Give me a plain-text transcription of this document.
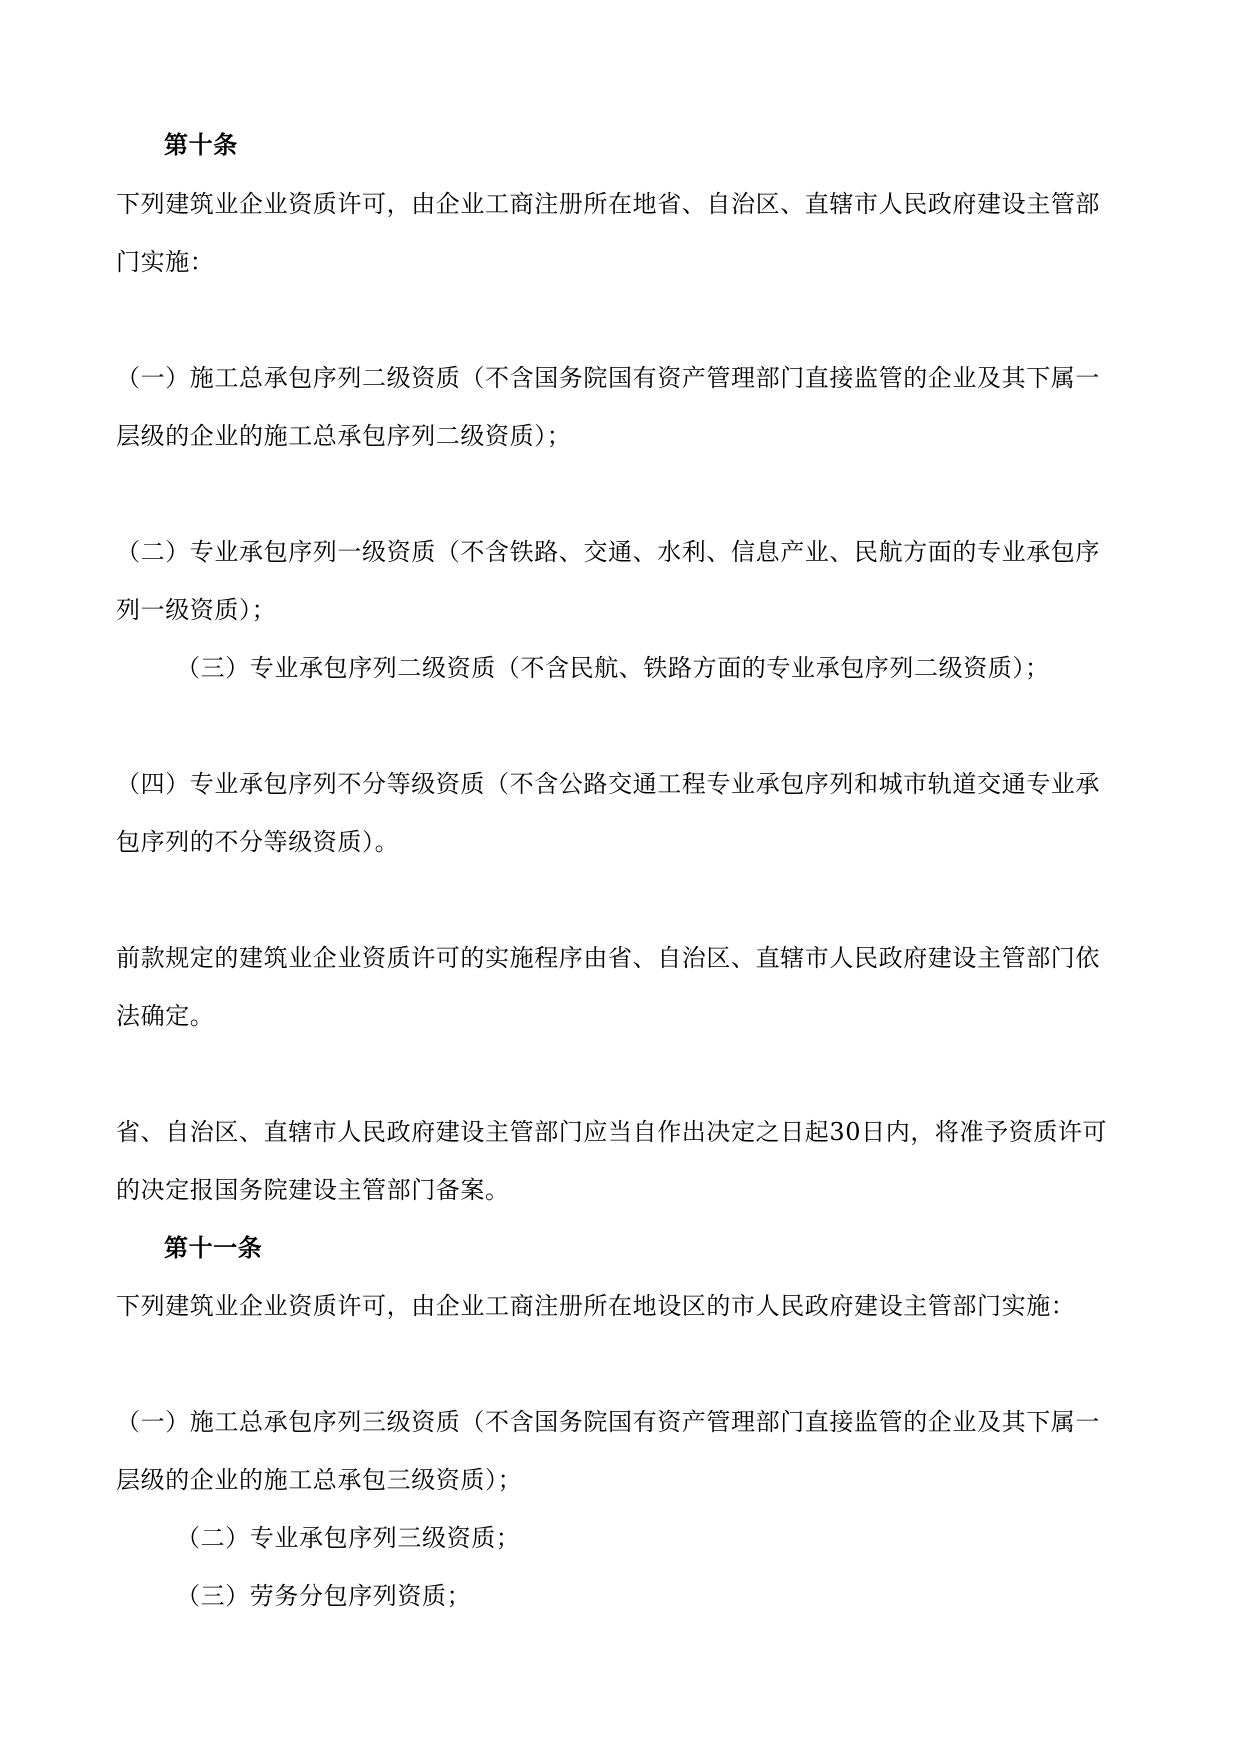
第十条
下列建筑业企业资质许可，由企业工商注册所在地省、自治区、直辖市人民政府建设主管部
门实施：
（一）施工总承包序列二级资质（不含国务院国有资产管理部门直接监管的企业及其下属一
层级的企业的施工总承包序列二级资质）；
（二）专业承包序列一级资质（不含铁路、交通、水利、信息产业、民航方面的专业承包序
列一级资质）；
（三）专业承包序列二级资质（不含民航、铁路方面的专业承包序列二级资质）；
（四）专业承包序列不分等级资质（不含公路交通工程专业承包序列和城市轨道交通专业承
包序列的不分等级资质）。
前款规定的建筑业企业资质许可的实施程序由省、自治区、直辖市人民政府建设主管部门依
法确定。
省、自治区、直辖市人民政府建设主管部门应当自作出决定之日起30日内，将准予资质许可
的决定报国务院建设主管部门备案。
第十一条
下列建筑业企业资质许可，由企业工商注册所在地设区的市人民政府建设主管部门实施：
（一）施工总承包序列三级资质（不含国务院国有资产管理部门直接监管的企业及其下属一
层级的企业的施工总承包三级资质）；
（二）专业承包序列三级资质；
（三）劳务分包序列资质；
